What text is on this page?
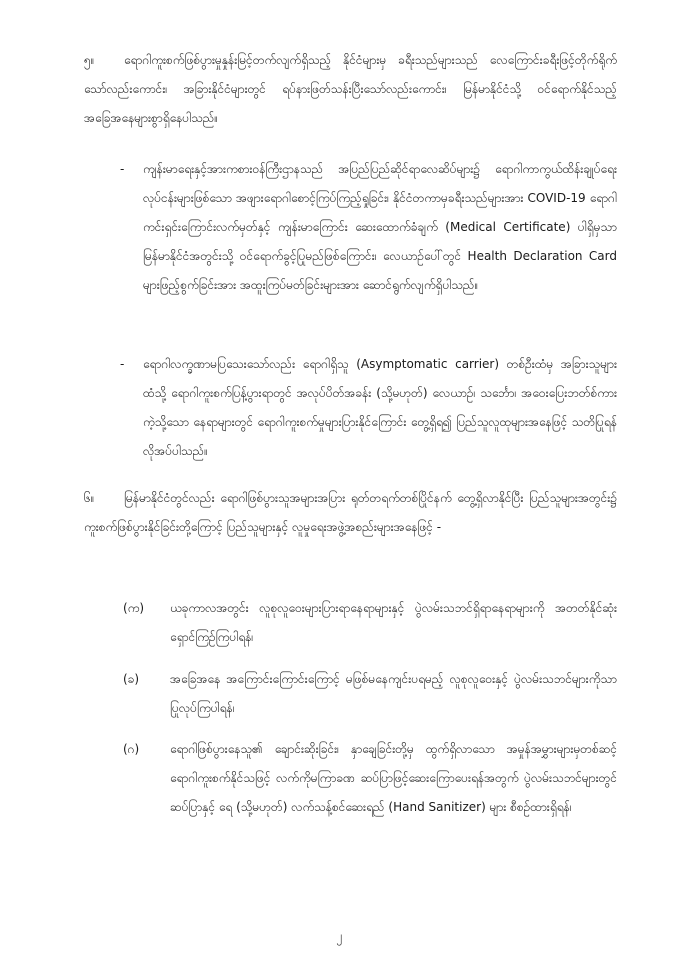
၅။	ရောဂါကူးစက်ဖြစ်ပွားမှုနှုန်းမြင့်တက်လျက်ရှိသည့် နိုင်ငံများမှ ခရီးသည်များသည် လေကြောင်းခရီးဖြင့်တိုက်ရိုက်သော်လည်းကောင်း၊ အခြားနိုင်ငံများတွင် ရပ်နားဖြတ်သန်းပြီးသော်လည်းကောင်း၊ မြန်မာနိုင်ငံသို့ ဝင်ရောက်နိုင်သည့် အခြေအနေများစွာရှိနေပါသည်။
- ကျန်းမာရေးနှင့်အားကစားဝန်ကြီးဌာနသည် အပြည်ပြည်ဆိုင်ရာလေဆိပ်များ၌ ရောဂါကာကွယ်ထိန်းချုပ်ရေးလုပ်ငန်းများဖြစ်သော အဖျားရောဂါစောင့်ကြပ်ကြည့်ရှုခြင်း၊ နိုင်ငံတကာမှခရီးသည်များအား COVID-19 ရောဂါကင်းရှင်းကြောင်းလက်မှတ်နှင့် ကျန်းမာကြောင်း ဆေးထောက်ခံချက် (Medical Certificate) ပါရှိမှသာ မြန်မာနိုင်ငံအတွင်းသို့ ဝင်ရောက်ခွင့်ပြုမည်ဖြစ်ကြောင်း၊ လေယာဉ်ပေါ်တွင် Health Declaration Card များဖြည့်စွက်ခြင်းအား အထူးကြပ်မတ်ခြင်းများအား ဆောင်ရွက်လျက်ရှိပါသည်။
- ရောဂါလက္ခဏာမပြသေးသော်လည်း ရောဂါရှိသူ (Asymptomatic carrier) တစ်ဦးထံမှ အခြားသူများထံသို့ ရောဂါကူးစက်ပြန့်ပွားရာတွင် အလုပ်ပိတ်အခန်း (သို့မဟုတ်) လေယာဉ်၊ သင်္ဘော၊ အဝေးပြေးဘတ်စ်ကားကဲ့သို့သော နေရာများတွင် ရောဂါကူးစက်မှုများပြားနိုင်ကြောင်း တွေ့ရှိရ၍ ပြည်သူလူထုများအနေဖြင့် သတိပြုရန် လိုအပ်ပါသည်။
၆။	မြန်မာနိုင်ငံတွင်လည်း ရောဂါဖြစ်ပွားသူအများအပြား ရုတ်တရက်တစ်ပြိုင်နက် တွေ့ရှိလာနိုင်ပြီး ပြည်သူများအတွင်း၌ ကူးစက်ဖြစ်ပွားနိုင်ခြင်းတို့ကြောင့် ပြည်သူများနှင့် လူမှုရေးအဖွဲ့အစည်းများအနေဖြင့် -
(က) ယခုကာလအတွင်း လူစုလူဝေးများပြားရာနေရာများနှင့် ပွဲလမ်းသဘင်ရှိရာနေရာများကို အတတ်နိုင်ဆုံးရှောင်ကြဉ်ကြပါရန်၊
(ခ)	အခြေအနေ အကြောင်းကြောင်းကြောင့် မဖြစ်မနေကျင်းပရမည့် လူစုလူဝေးနှင့် ပွဲလမ်းသဘင်များကိုသာ ပြုလုပ်ကြပါရန်၊
(ဂ)	ရောဂါဖြစ်ပွားနေသူ၏ ချောင်းဆိုးခြင်း၊ နှာချေခြင်းတို့မှ ထွက်ရှိလာသော အမှုန်အမွှားများမှတစ်ဆင့် ရောဂါကူးစက်နိုင်သဖြင့် လက်ကိုမကြာခဏ ဆပ်ပြာဖြင့်ဆေးကြောပေးရန်အတွက် ပွဲလမ်းသဘင်များတွင် ဆပ်ပြာနှင့် ရေ (သို့မဟုတ်) လက်သန့်စင်ဆေးရည် (Hand Sanitizer) များ စီစဉ်ထားရှိရန်၊
၂
